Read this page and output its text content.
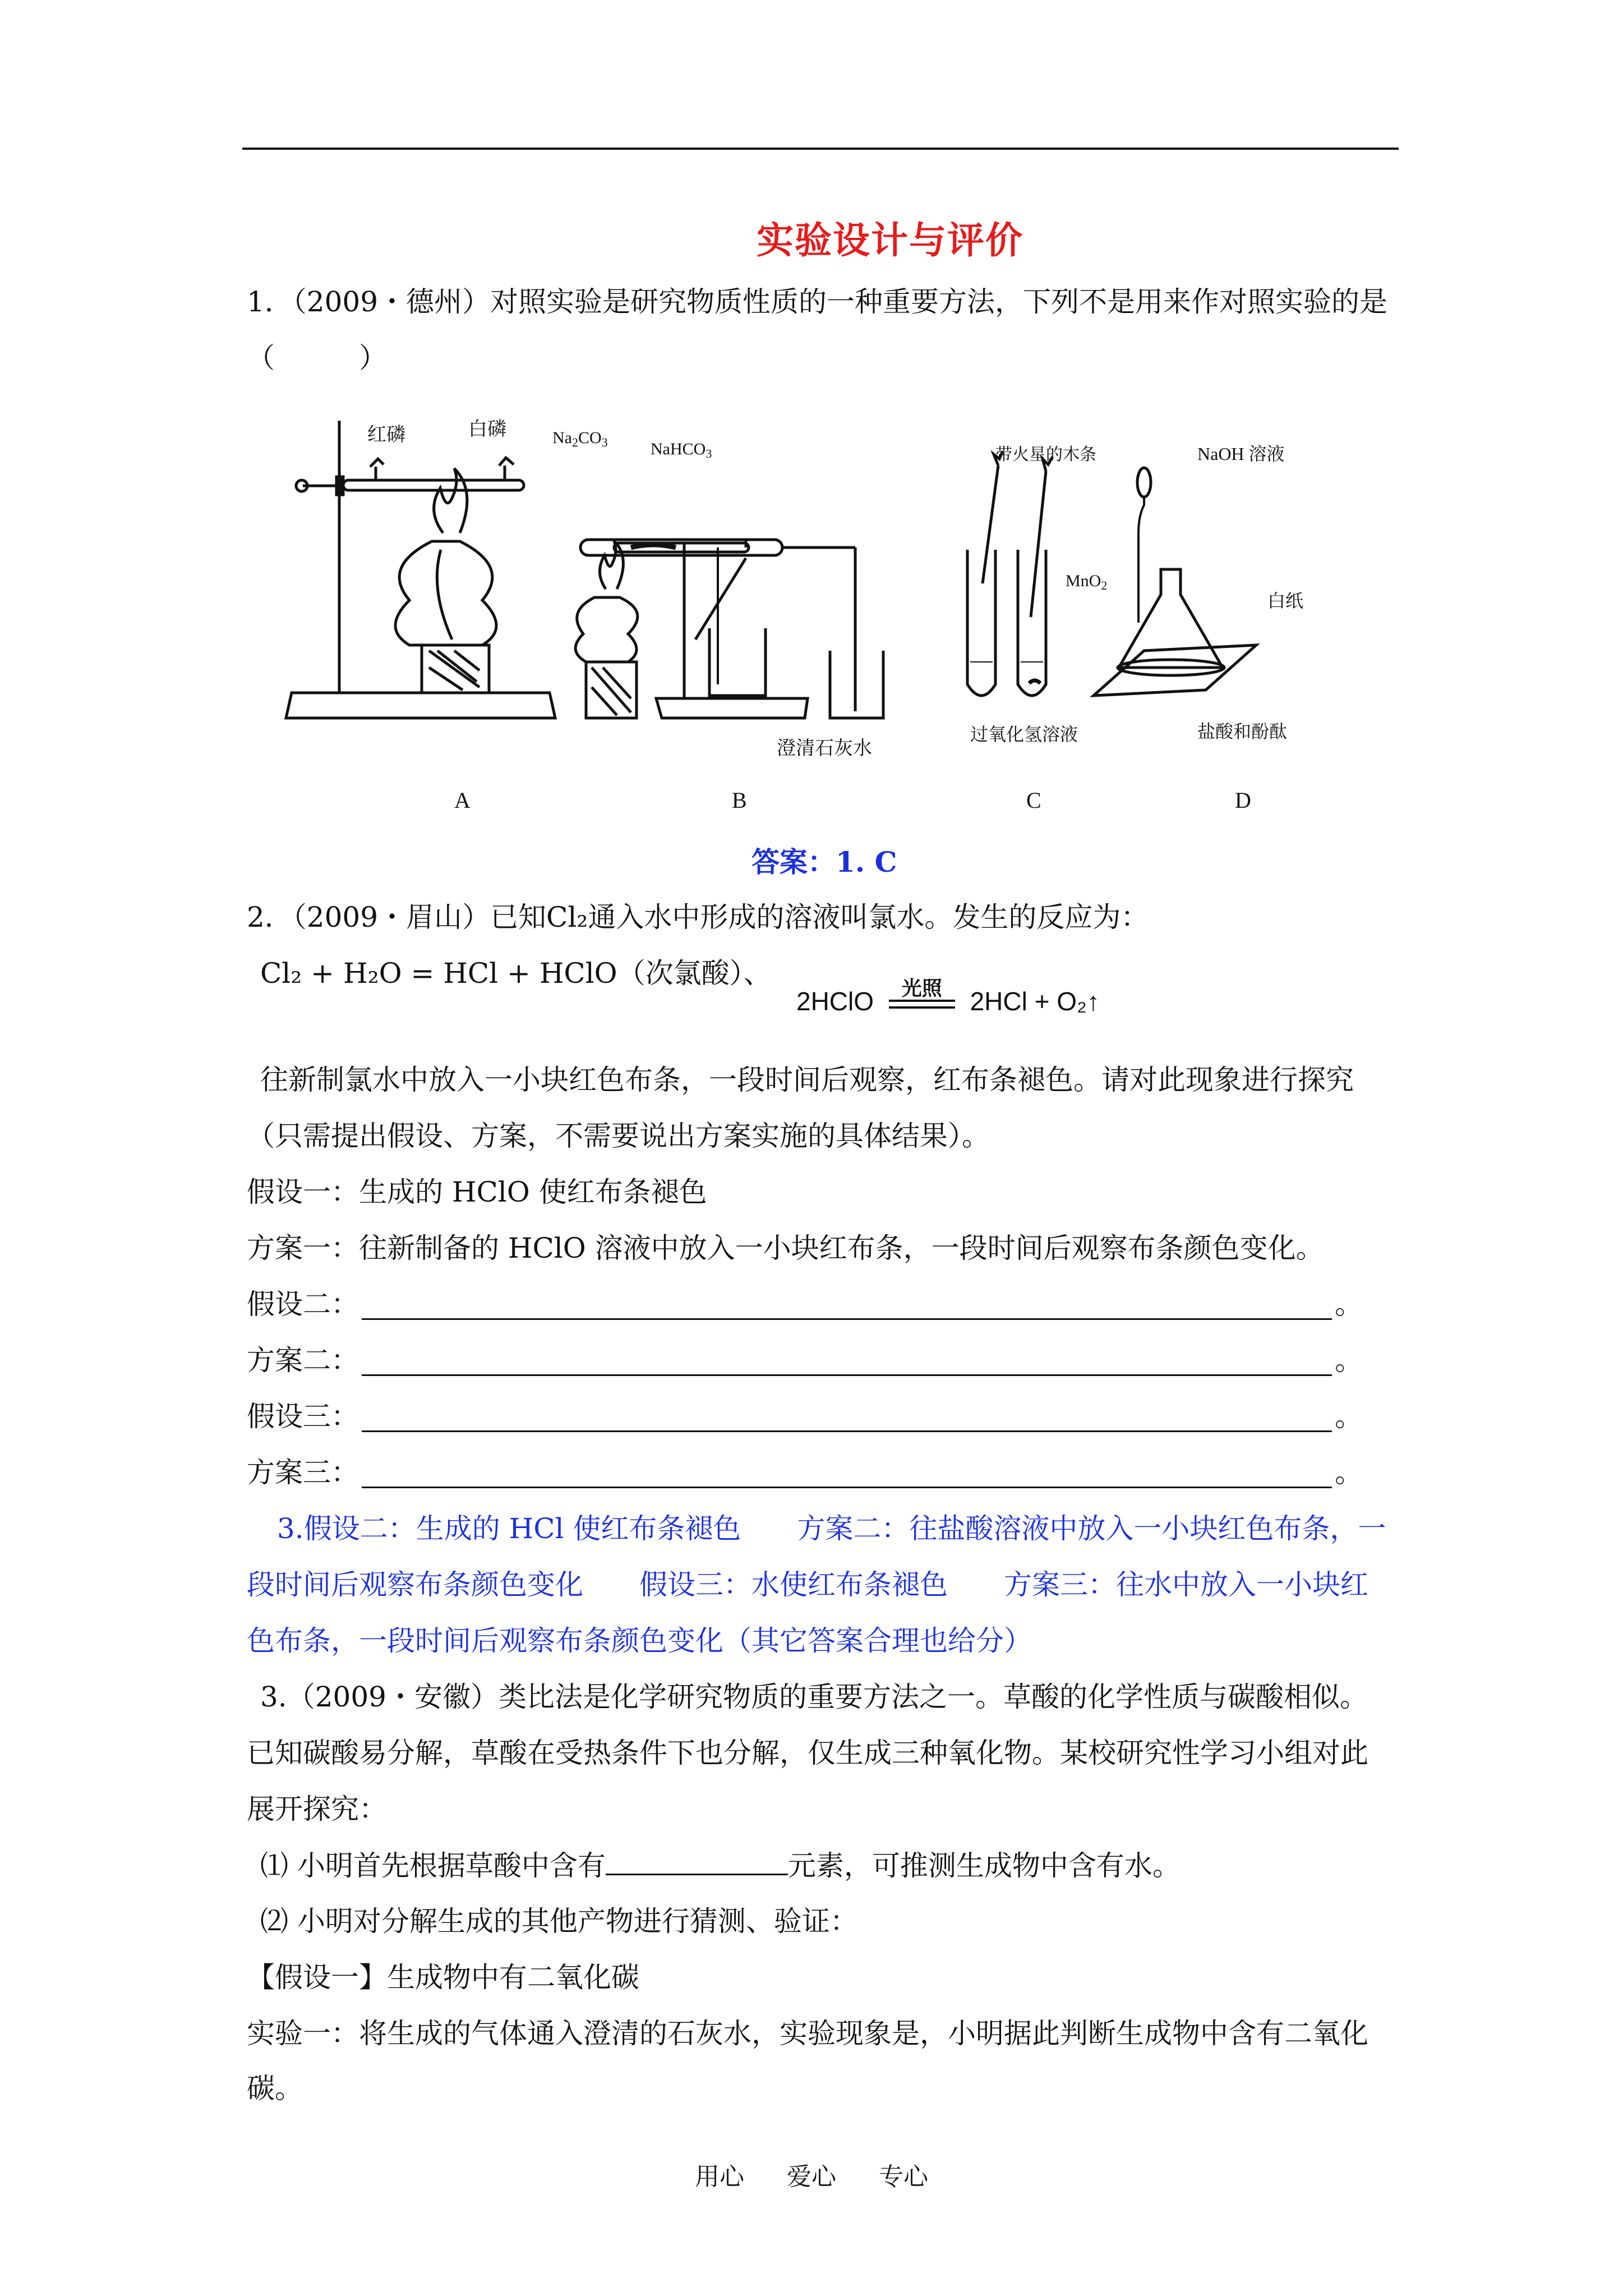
实验设计与评价
1．（2009・德州）对照实验是研究物质性质的一种重要方法，下列不是用来作对照实验的是
（　　　）
红磷	白磷	$Na_2CO_3$	NaHCO$_3$
澄清石灰水
带火星的木条
MnO$_2$
过氧化氢溶液
NaOH 溶液
白纸
盐酸和酚酞
A	B	C	D
答案：1. C
2．（2009・眉山）已知Cl₂通入水中形成的溶液叫氯水。发生的反应为：
Cl₂ + H₂O = HCl + HClO（次氯酸）、
2HClO	光照	2HCl + O₂↑
往新制氯水中放入一小块红色布条，一段时间后观察，红布条褪色。请对此现象进行探究
（只需提出假设、方案，不需要说出方案实施的具体结果）。
假设一：生成的 HClO 使红布条褪色
方案一：往新制备的 HClO 溶液中放入一小块红布条，一段时间后观察布条颜色变化。
假设二：	。
方案二：	。
假设三：	。
方案三：	。
3.假设二：生成的 HCl 使红布条褪色　　方案二：往盐酸溶液中放入一小块红色布条，一
段时间后观察布条颜色变化　　假设三：水使红布条褪色　　方案三：往水中放入一小块红
色布条，一段时间后观察布条颜色变化（其它答案合理也给分）
3.（2009・安徽）类比法是化学研究物质的重要方法之一。草酸的化学性质与碳酸相似。
已知碳酸易分解，草酸在受热条件下也分解，仅生成三种氧化物。某校研究性学习小组对此
展开探究：
⑴ 小明首先根据草酸中含有	元素，可推测生成物中含有水。
⑵ 小明对分解生成的其他产物进行猜测、验证：
【假设一】生成物中有二氧化碳
实验一：将生成的气体通入澄清的石灰水，实验现象是，小明据此判断生成物中含有二氧化
碳。
用心 爱心 专心
